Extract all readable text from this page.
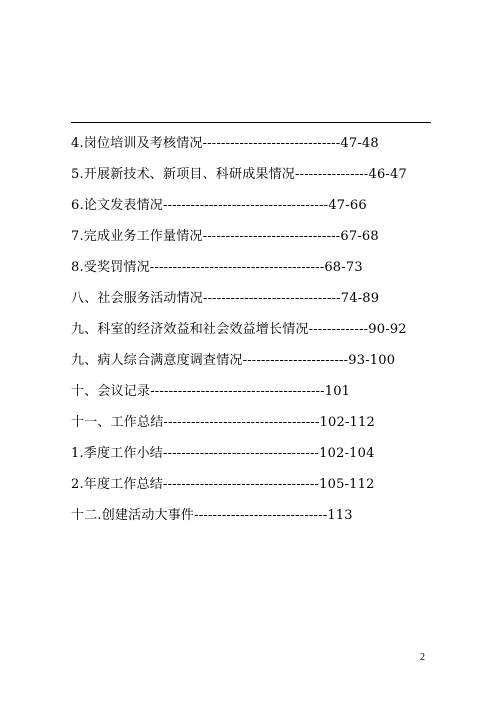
4.岗位培训及考核情况------------------------------47-48
5.开展新技术、新项目、科研成果情况----------------46-47
6.论文发表情况------------------------------------47-66
7.完成业务工作量情况------------------------------67-68
8.受奖罚情况--------------------------------------68-73
八、社会服务活动情况------------------------------74-89
九、科室的经济效益和社会效益增长情况-------------90-92
九、病人综合满意度调查情况-----------------------93-100
十、会议记录--------------------------------------101
十一、工作总结----------------------------------102-112
1.季度工作小结----------------------------------102-104
2.年度工作总结----------------------------------105-112
十二.创建活动大事件-----------------------------113
2
